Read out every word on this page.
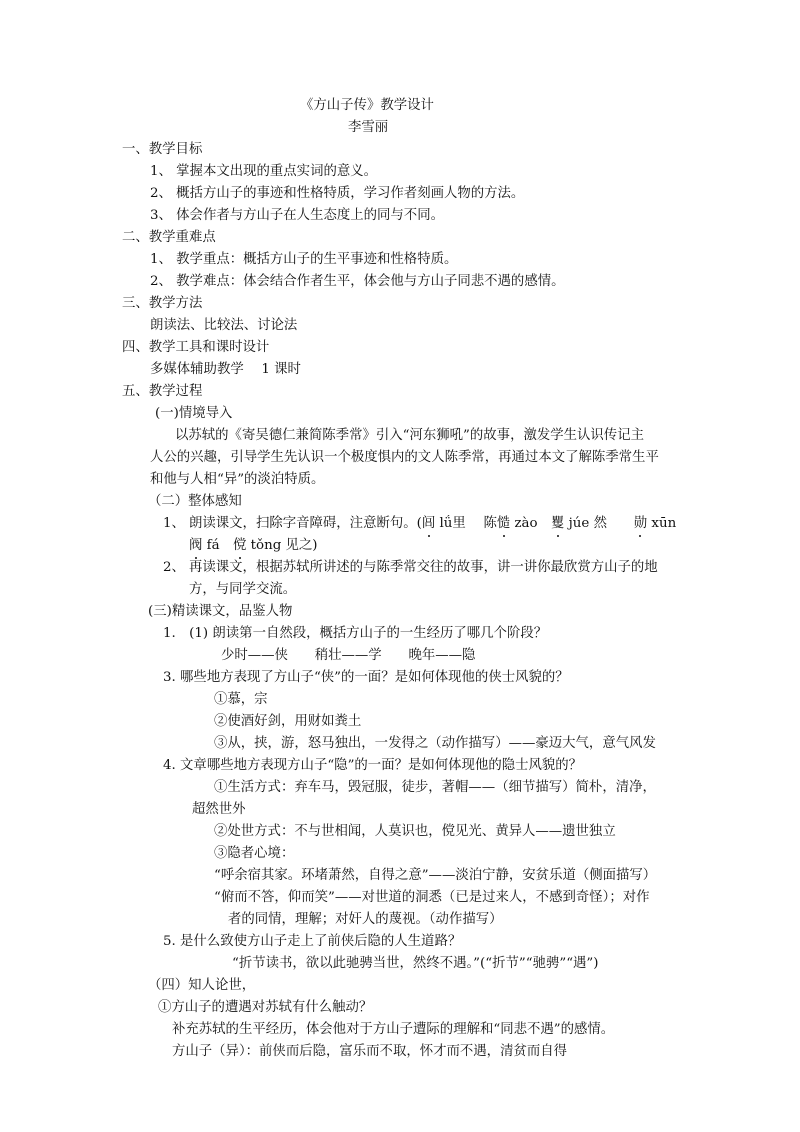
《方山子传》教学设计
李雪丽
一、教学目标
1、 掌握本文出现的重点实词的意义。
2、 概括方山子的事迹和性格特质，学习作者刻画人物的方法。
3、 体会作者与方山子在人生态度上的同与不同。
二、教学重难点
1、 教学重点：概括方山子的生平事迹和性格特质。
2、 教学难点：体会结合作者生平，体会他与方山子同悲不遇的感情。
三、教学方法
朗读法、比较法、讨论法
四、教学工具和课时设计
多媒体辅助教学　 1 课时
五、教学过程
(一)情境导入
以苏轼的《寄吴德仁兼简陈季常》引入“河东狮吼”的故事，激发学生认识传记主
人公的兴趣，引导学生先认识一个极度惧内的文人陈季常，再通过本文了解陈季常生平
和他与人相“异”的淡泊特质。
（二）整体感知
1、 朗读课文，扫除字音障碍，注意断句。(闾 lǘ里　 陈慥 zào　矍 júe 然　　勋 xūn
阀 fá　傥 tǒng 见之)
2、 再读课文，根据苏轼所讲述的与陈季常交往的故事，讲一讲你最欣赏方山子的地
方，与同学交流。
(三)精读课文，品鉴人物
1.　(1) 朗读第一自然段，概括方山子的一生经历了哪几个阶段？
少时——侠　　稍壮——学　　晚年——隐
3. 哪些地方表现了方山子“侠”的一面？是如何体现他的侠士风貌的？
①慕，宗
②使酒好剑，用财如粪土
③从，挟，游，怒马独出，一发得之（动作描写）——豪迈大气，意气风发
4. 文章哪些地方表现方山子“隐”的一面？是如何体现他的隐士风貌的？
①生活方式：弃车马，毁冠服，徒步，著帽——（细节描写）简朴，清净，
超然世外
②处世方式：不与世相闻，人莫识也，傥见光、黄异人——遗世独立
③隐者心境：
“呼余宿其家。环堵萧然，自得之意”——淡泊宁静，安贫乐道（侧面描写）
“俯而不答，仰而笑”——对世道的洞悉（已是过来人，不感到奇怪）；对作
者的同情，理解；对奸人的蔑视。（动作描写）
5. 是什么致使方山子走上了前侠后隐的人生道路？
“折节读书，欲以此驰骋当世，然终不遇。”(“折节”“驰骋”“遇”)
（四）知人论世，
①方山子的遭遇对苏轼有什么触动？
补充苏轼的生平经历，体会他对于方山子遭际的理解和“同悲不遇”的感情。
方山子（异）：前侠而后隐，富乐而不取，怀才而不遇，清贫而自得
